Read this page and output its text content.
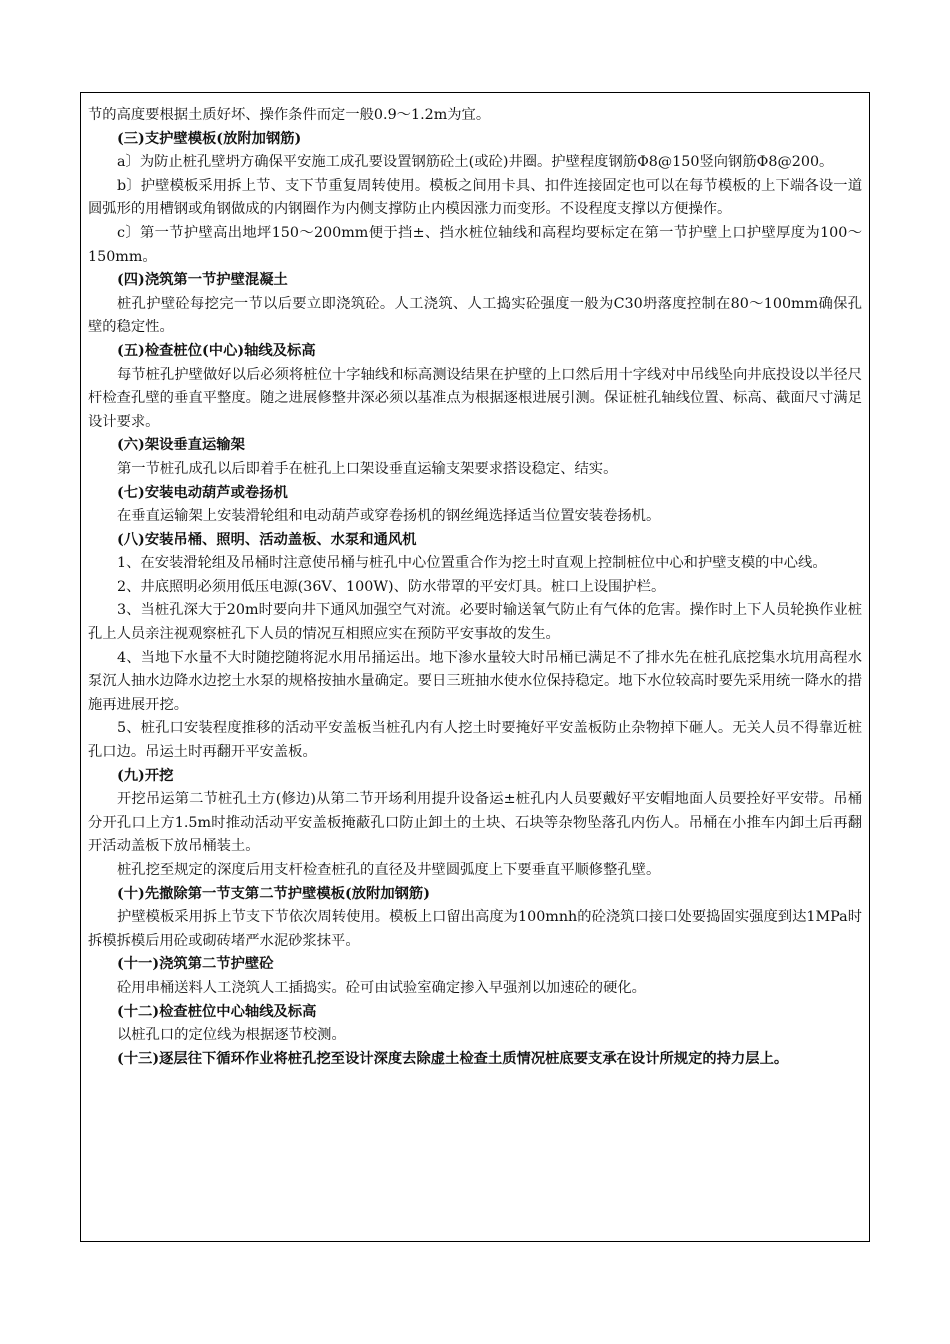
节的高度要根据土质好坏、操作条件而定一般0.9～1.2m为宜。

(三)支护壁模板(放附加钢筋)

a〕为防止桩孔壁坍方确保平安施工成孔要设置钢筋砼土(或砼)井圈。护壁程度钢筋Φ8@150竖向钢筋Φ8@200。

b〕护壁模板采用拆上节、支下节重复周转使用。模板之间用卡具、扣件连接固定也可以在每节模板的上下端各设一道圆弧形的用槽钢或角钢做成的内钢圈作为内侧支撑防止内模因涨力而变形。不设程度支撑以方便操作。

c〕第一节护壁高出地坪150～200mm便于挡±、挡水桩位轴线和高程均要标定在第一节护壁上口护壁厚度为100～150mm。

(四)浇筑第一节护壁混凝土

桩孔护壁砼每挖完一节以后要立即浇筑砼。人工浇筑、人工捣实砼强度一般为C30坍落度控制在80～100mm确保孔壁的稳定性。

(五)检查桩位(中心)轴线及标高

每节桩孔护壁做好以后必须将桩位十字轴线和标高测设结果在护壁的上口然后用十字线对中吊线坠向井底投设以半径尺杆检查孔壁的垂直平整度。随之进展修整井深必须以基准点为根据逐根进展引测。保证桩孔轴线位置、标高、截面尺寸满足设计要求。

(六)架设垂直运输架

第一节桩孔成孔以后即着手在桩孔上口架设垂直运输支架要求搭设稳定、结实。

(七)安装电动葫芦或卷扬机

在垂直运输架上安装滑轮组和电动葫芦或穿卷扬机的钢丝绳选择适当位置安装卷扬机。

(八)安装吊桶、照明、活动盖板、水泵和通风机

1、在安装滑轮组及吊桶时注意使吊桶与桩孔中心位置重合作为挖土时直观上控制桩位中心和护壁支模的中心线。

2、井底照明必须用低压电源(36V、100W)、防水带罩的平安灯具。桩口上设围护栏。

3、当桩孔深大于20m时要向井下通风加强空气对流。必要时输送氧气防止有气体的危害。操作时上下人员轮换作业桩孔上人员亲注视观察桩孔下人员的情况互相照应实在预防平安事故的发生。

4、当地下水量不大时随挖随将泥水用吊捅运出。地下渗水量较大时吊桶已满足不了排水先在桩孔底挖集水坑用高程水泵沉人抽水边降水边挖土水泵的规格按抽水量确定。要日三班抽水使水位保持稳定。地下水位较高时要先采用统一降水的措施再进展开挖。

5、桩孔口安装程度推移的活动平安盖板当桩孔内有人挖土时要掩好平安盖板防止杂物掉下砸人。无关人员不得靠近桩孔口边。吊运土时再翻开平安盖板。

(九)开挖

开挖吊运第二节桩孔土方(修边)从第二节开场利用提升设备运±桩孔内人员要戴好平安帽地面人员要拴好平安带。吊桶分开孔口上方1.5m时推动活动平安盖板掩蔽孔口防止卸土的土块、石块等杂物坠落孔内伤人。吊桶在小推车内卸土后再翻开活动盖板下放吊桶装土。

桩孔挖至规定的深度后用支杆检查桩孔的直径及井壁圆弧度上下要垂直平顺修整孔壁。

(十)先撤除第一节支第二节护壁模板(放附加钢筋)

护壁模板采用拆上节支下节依次周转使用。模板上口留出高度为100mnh的砼浇筑口接口处要捣固实强度到达1MPa时拆模拆模后用砼或砌砖堵严水泥砂浆抹平。

(十一)浇筑第二节护壁砼

砼用串桶送料人工浇筑人工插捣实。砼可由试验室确定掺入早强剂以加速砼的硬化。

(十二)检查桩位中心轴线及标高

以桩孔口的定位线为根据逐节校测。

(十三)逐层往下循环作业将桩孔挖至设计深度去除虚土检查土质情况桩底要支承在设计所规定的持力层上。
